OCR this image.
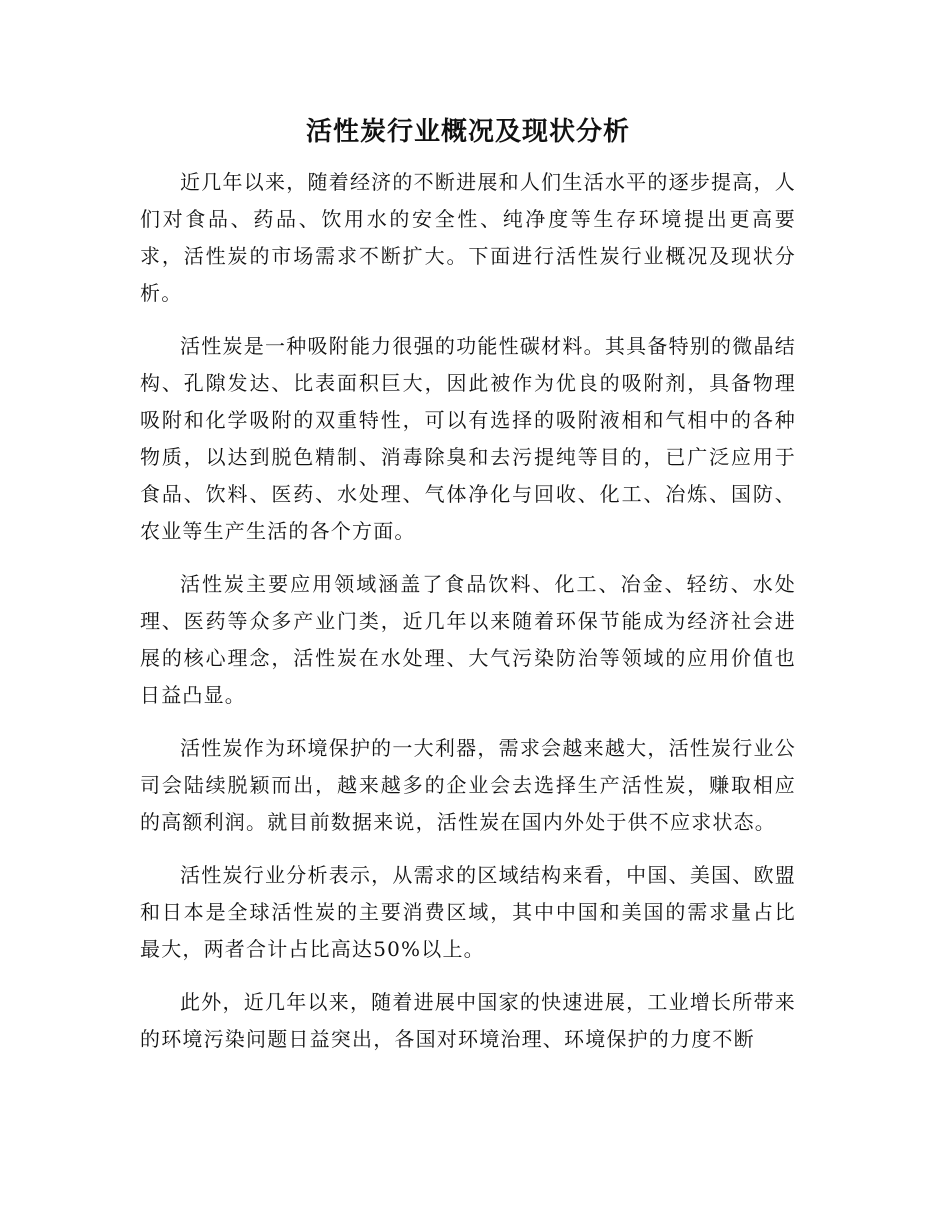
活性炭行业概况及现状分析

近几年以来，随着经济的不断进展和人们生活水平的逐步提高，人们对食品、药品、饮用水的安全性、纯净度等生存环境提出更高要求，活性炭的市场需求不断扩大。下面进行活性炭行业概况及现状分析。

活性炭是一种吸附能力很强的功能性碳材料。其具备特别的微晶结构、孔隙发达、比表面积巨大，因此被作为优良的吸附剂，具备物理吸附和化学吸附的双重特性，可以有选择的吸附液相和气相中的各种物质，以达到脱色精制、消毒除臭和去污提纯等目的，已广泛应用于食品、饮料、医药、水处理、气体净化与回收、化工、冶炼、国防、农业等生产生活的各个方面。

活性炭主要应用领域涵盖了食品饮料、化工、冶金、轻纺、水处理、医药等众多产业门类，近几年以来随着环保节能成为经济社会进展的核心理念，活性炭在水处理、大气污染防治等领域的应用价值也日益凸显。

活性炭作为环境保护的一大利器，需求会越来越大，活性炭行业公司会陆续脱颖而出，越来越多的企业会去选择生产活性炭，赚取相应的高额利润。就目前数据来说，活性炭在国内外处于供不应求状态。

活性炭行业分析表示，从需求的区域结构来看，中国、美国、欧盟和日本是全球活性炭的主要消费区域，其中中国和美国的需求量占比最大，两者合计占比高达50%以上。

此外，近几年以来，随着进展中国家的快速进展，工业增长所带来的环境污染问题日益突出，各国对环境治理、环境保护的力度不断
